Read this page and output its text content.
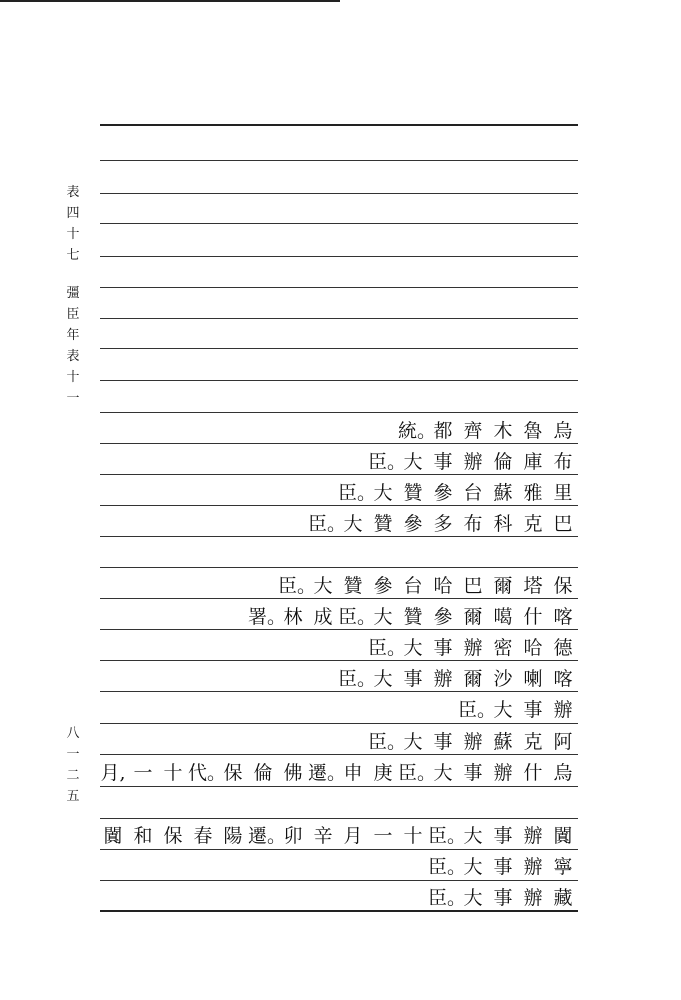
表
四
十
七
彊
臣
年
表
十
一
八
一
二
五
統。
都 齊 木 魯 烏
臣。
大 事 辦 倫 庫 布
臣。
大 贊 參 台 蘇 雅 里
臣。
大 贊 參 多 布 科 克 巴
臣。
大 贊 參 台 哈 巴 爾 塔 保
署。
林 成 臣。
大 贊 參 爾 噶 什 喀
臣。
大 事 辦 密 哈 德
臣。
大 事 辦 爾 沙 喇 喀
臣。
大 事 辦
臣。
大 事 辦 蘇 克 阿
月, 一 十 代。
保 倫 佛 遷。
申 庚 臣。
大 事 辦 什 烏
闐 和 保 春 陽 遷。
卯 辛 月 一 十 臣。
大 事 辦 闐
臣。
大 事 辦 寧
臣。
大 事 辦 藏
